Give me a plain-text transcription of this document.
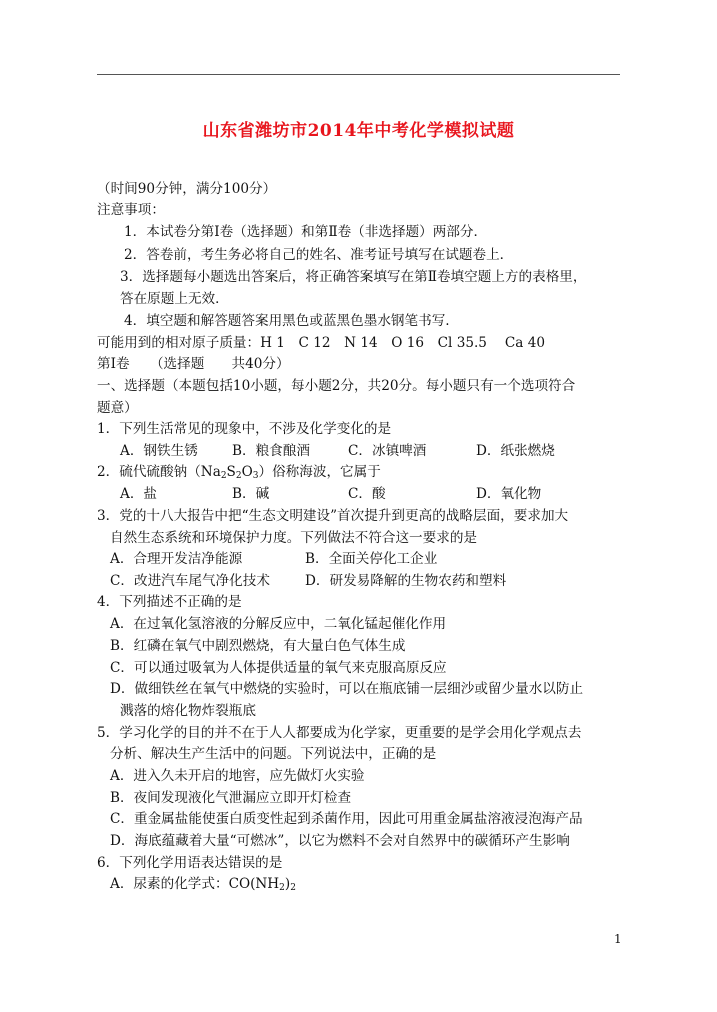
山东省潍坊市2014年中考化学模拟试题
（时间90分钟，满分100分）
注意事项：
1．本试卷分第Ⅰ卷（选择题）和第Ⅱ卷（非选择题）两部分．
2．答卷前，考生务必将自己的姓名、准考证号填写在试题卷上．
3．选择题每小题选出答案后，将正确答案填写在第Ⅱ卷填空题上方的表格里，
答在原题上无效．
4．填空题和解答题答案用黑色或蓝黑色墨水钢笔书写.
可能用到的相对原子质量：H 1　C 12　N 14　O 16　Cl 35.5　 Ca 40
第Ⅰ卷　　（选择题　　共40分）
一、选择题（本题包括10小题，每小题2分，共20分。每小题只有一个选项符合
题意）
1．下列生活常见的现象中，不涉及化学变化的是
A．钢铁生锈	B．粮食酿酒	C．冰镇啤酒	D．纸张燃烧
2．硫代硫酸钠$(Na_2S_2O_3)$俗称海波，它属于
A．盐	B．碱	C．酸	D．氧化物
3．党的十八大报告中把“生态文明建设”首次提升到更高的战略层面，要求加大
自然生态系统和环境保护力度。下列做法不符合这一要求的是
A．合理开发洁净能源	B．全面关停化工企业
C．改进汽车尾气净化技术	D．研发易降解的生物农药和塑料
4．下列描述不正确的是
A．在过氧化氢溶液的分解反应中，二氧化锰起催化作用
B．红磷在氧气中剧烈燃烧，有大量白色气体生成
C．可以通过吸氧为人体提供适量的氧气来克服高原反应
D．做细铁丝在氧气中燃烧的实验时，可以在瓶底铺一层细沙或留少量水以防止
溅落的熔化物炸裂瓶底
5．学习化学的目的并不在于人人都要成为化学家，更重要的是学会用化学观点去
分析、解决生产生活中的问题。下列说法中，正确的是
A．进入久未开启的地窖，应先做灯火实验
B．夜间发现液化气泄漏应立即开灯检查
C．重金属盐能使蛋白质变性起到杀菌作用，因此可用重金属盐溶液浸泡海产品
D．海底蕴藏着大量“可燃冰”，以它为燃料不会对自然界中的碳循环产生影响
6．下列化学用语表达错误的是
A．尿素的化学式：$CO(NH_2)_2$
1
